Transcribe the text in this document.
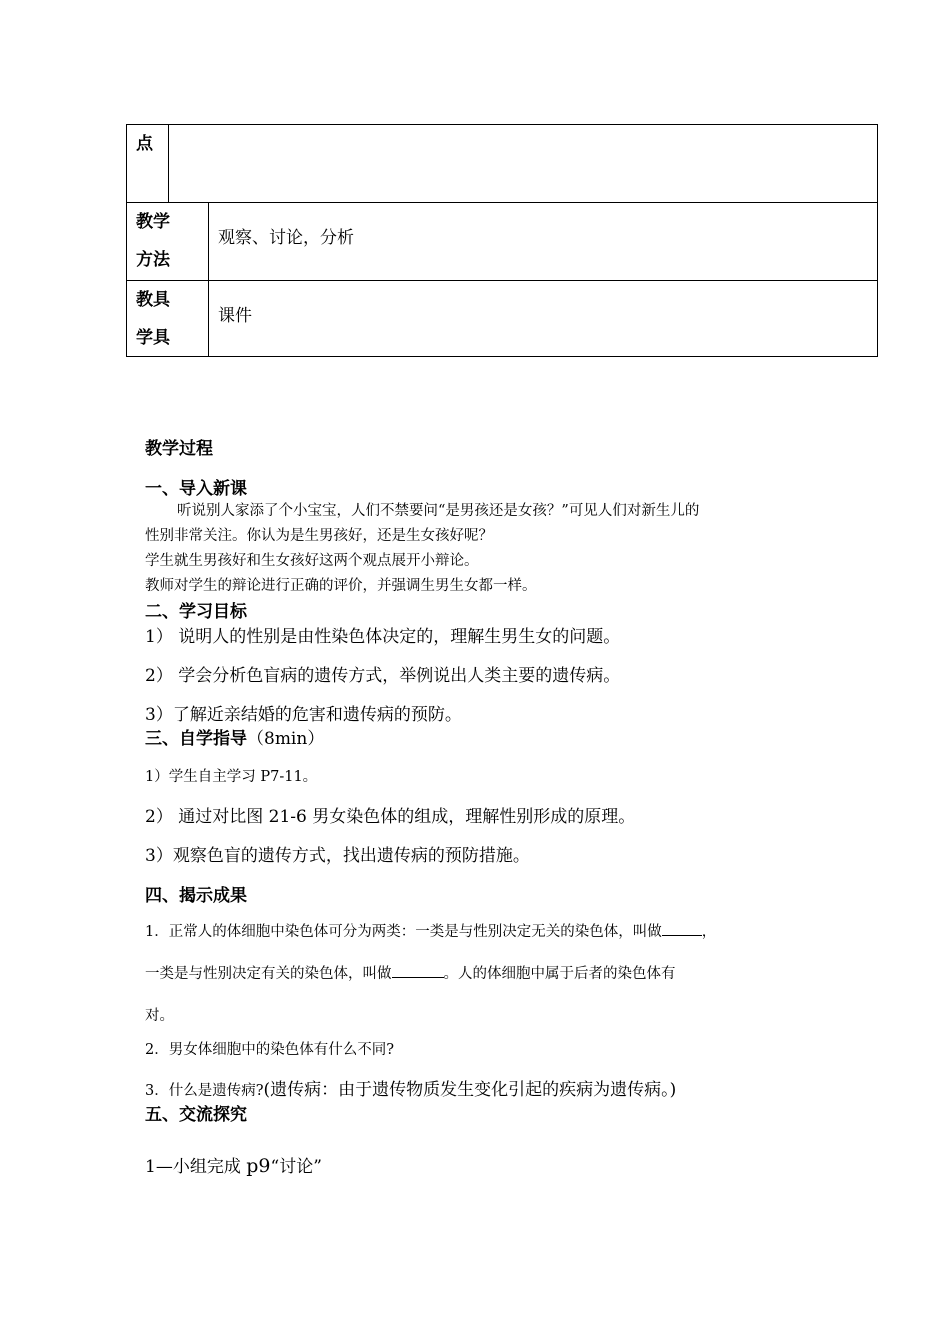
点
教学
方法
观察、讨论，分析
教具
学具
课件
教学过程
一、导入新课
听说别人家添了个小宝宝，人们不禁要问“是男孩还是女孩？”可见人们对新生儿的
性别非常关注。你认为是生男孩好，还是生女孩好呢？
学生就生男孩好和生女孩好这两个观点展开小辩论。
教师对学生的辩论进行正确的评价，并强调生男生女都一样。
二、学习目标
1） 说明人的性别是由性染色体决定的，理解生男生女的问题。
2） 学会分析色盲病的遗传方式，举例说出人类主要的遗传病。
3）了解近亲结婚的危害和遗传病的预防。
三、自学指导（8min）
1）学生自主学习 P7-11。
2） 通过对比图 21-6 男女染色体的组成，理解性别形成的原理。
3）观察色盲的遗传方式，找出遗传病的预防措施。
四、揭示成果
1．正常人的体细胞中染色体可分为两类：一类是与性别决定无关的染色体，叫做	，
一类是与性别决定有关的染色体，叫做	。人的体细胞中属于后者的染色体有
对。
2．男女体细胞中的染色体有什么不同?
3．什么是遗传病?(遗传病：由于遗传物质发生变化引起的疾病为遗传病。)
五、交流探究
1—小组完成 p9“讨论”
